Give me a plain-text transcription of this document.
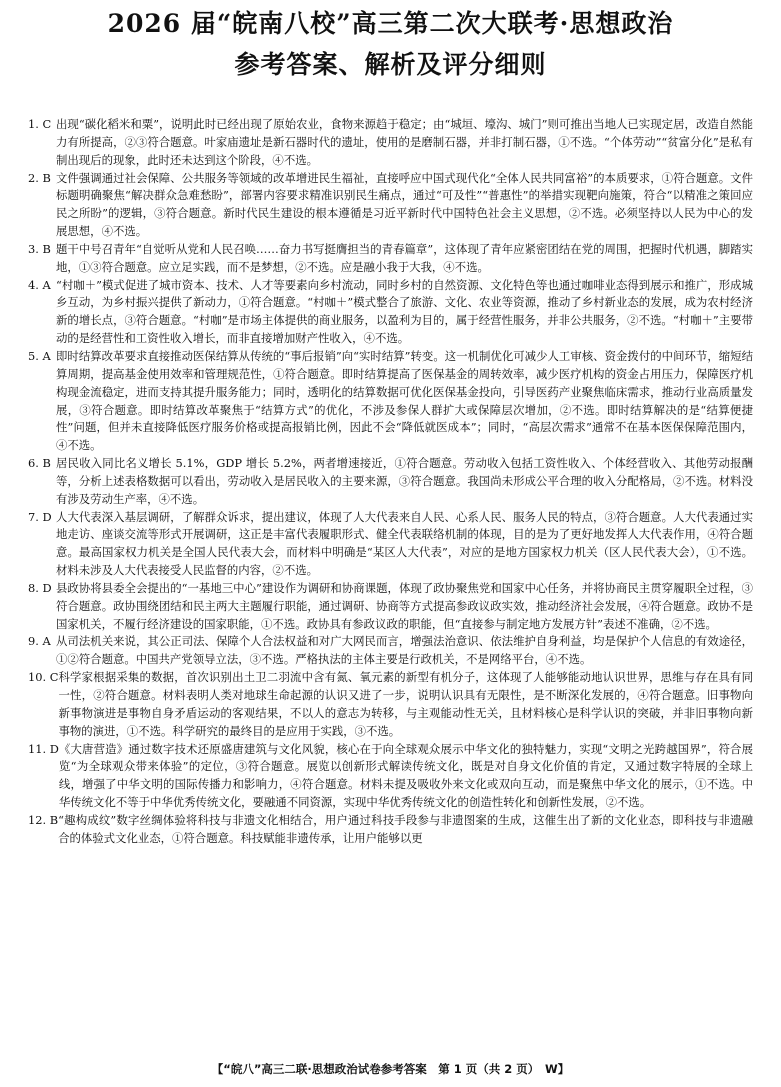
2026 届“皖南八校”高三第二次大联考·思想政治
参考答案、解析及评分细则
1. C 出现“碳化稻米和粟”，说明此时已经出现了原始农业，食物来源趋于稳定；由“城垣、壕沟、城门”则可推出当地人已实现定居，改造自然能力有所提高，②③符合题意。叶家庙遗址是新石器时代的遗址，使用的是磨制石器，并非打制石器，①不选。“个体劳动”“贫富分化”是私有制出现后的现象，此时还未达到这个阶段，④不选。
2. B 文件强调通过社会保障、公共服务等领域的改革增进民生福祉，直接呼应中国式现代化“全体人民共同富裕”的本质要求，①符合题意。文件标题明确聚焦“解决群众急难愁盼”，部署内容要求精准识别民生痛点，通过“可及性”“普惠性”的举措实现靶向施策，符合“以精准之策回应民之所盼”的逻辑，③符合题意。新时代民生建设的根本遵循是习近平新时代中国特色社会主义思想，②不选。必须坚持以人民为中心的发展思想，④不选。
3. B 题干中号召青年“自觉听从党和人民召唤……奋力书写挺膺担当的青春篇章”，这体现了青年应紧密团结在党的周围，把握时代机遇，脚踏实地，①③符合题意。应立足实践，而不是梦想，②不选。应是融小我于大我，④不选。
4. A “村咖＋”模式促进了城市资本、技术、人才等要素向乡村流动，同时乡村的自然资源、文化特色等也通过咖啡业态得到展示和推广，形成城乡互动，为乡村振兴提供了新动力，①符合题意。“村咖＋”模式整合了旅游、文化、农业等资源，推动了乡村新业态的发展，成为农村经济新的增长点，③符合题意。“村咖”是市场主体提供的商业服务，以盈利为目的，属于经营性服务，并非公共服务，②不选。“村咖＋”主要带动的是经营性和工资性收入增长，而非直接增加财产性收入，④不选。
5. A 即时结算改革要求直接推动医保结算从传统的“事后报销”向“实时结算”转变。这一机制优化可减少人工审核、资金拨付的中间环节，缩短结算周期，提高基金使用效率和管理规范性，①符合题意。即时结算提高了医保基金的周转效率，减少医疗机构的资金占用压力，保障医疗机构现金流稳定，进而支持其提升服务能力；同时，透明化的结算数据可优化医保基金投向，引导医药产业聚焦临床需求，推动行业高质量发展，③符合题意。即时结算改革聚焦于“结算方式”的优化，不涉及参保人群扩大或保障层次增加，②不选。即时结算解决的是“结算便捷性”问题，但并未直接降低医疗服务价格或提高报销比例，因此不会“降低就医成本”；同时，“高层次需求”通常不在基本医保保障范围内，④不选。
6. B 居民收入同比名义增长 5.1%，GDP 增长 5.2%，两者增速接近，①符合题意。劳动收入包括工资性收入、个体经营收入、其他劳动报酬等，分析上述表格数据可以看出，劳动收入是居民收入的主要来源，③符合题意。我国尚未形成公平合理的收入分配格局，②不选。材料没有涉及劳动生产率，④不选。
7. D 人大代表深入基层调研，了解群众诉求，提出建议，体现了人大代表来自人民、心系人民、服务人民的特点，③符合题意。人大代表通过实地走访、座谈交流等形式开展调研，这正是丰富代表履职形式、健全代表联络机制的体现，目的是为了更好地发挥人大代表作用，④符合题意。最高国家权力机关是全国人民代表大会，而材料中明确是“某区人大代表”，对应的是地方国家权力机关（区人民代表大会），①不选。材料未涉及人大代表接受人民监督的内容，②不选。
8. D 县政协将县委全会提出的“一基地三中心”建设作为调研和协商课题，体现了政协聚焦党和国家中心任务，并将协商民主贯穿履职全过程，③符合题意。政协围绕团结和民主两大主题履行职能，通过调研、协商等方式提高参政议政实效，推动经济社会发展，④符合题意。政协不是国家机关，不履行经济建设的国家职能，①不选。政协具有参政议政的职能，但“直接参与制定地方发展方针”表述不准确，②不选。
9. A 从司法机关来说，其公正司法、保障个人合法权益和对广大网民而言，增强法治意识、依法维护自身利益，均是保护个人信息的有效途径，①②符合题意。中国共产党领导立法，③不选。严格执法的主体主要是行政机关，不是网络平台，④不选。
10. C 科学家根据采集的数据，首次识别出土卫二羽流中含有氮、氧元素的新型有机分子，这体现了人能够能动地认识世界，思维与存在具有同一性，②符合题意。材料表明人类对地球生命起源的认识又进了一步，说明认识具有无限性，是不断深化发展的，④符合题意。旧事物向新事物演进是事物自身矛盾运动的客观结果，不以人的意志为转移，与主观能动性无关，且材料核心是科学认识的突破，并非旧事物向新事物的演进，①不选。科学研究的最终目的是应用于实践，③不选。
11. D 《大唐营造》通过数字技术还原盛唐建筑与文化风貌，核心在于向全球观众展示中华文化的独特魅力，实现“文明之光跨越国界”，符合展览“为全球观众带来体验”的定位，③符合题意。展览以创新形式解读传统文化，既是对自身文化价值的肯定，又通过数字特展的全球上线，增强了中华文明的国际传播力和影响力，④符合题意。材料未提及吸收外来文化或双向互动，而是聚焦中华文化的展示，①不选。中华传统文化不等于中华优秀传统文化，要融通不同资源，实现中华优秀传统文化的创造性转化和创新性发展，②不选。
12. B “趣构成纹”数字丝绸体验将科技与非遗文化相结合，用户通过科技手段参与非遗图案的生成，这催生出了新的文化业态，即科技与非遗融合的体验式文化业态，①符合题意。科技赋能非遗传承，让用户能够以更
【“皖八”高三二联·思想政治试卷参考答案　第 1 页（共 2 页）　W】
